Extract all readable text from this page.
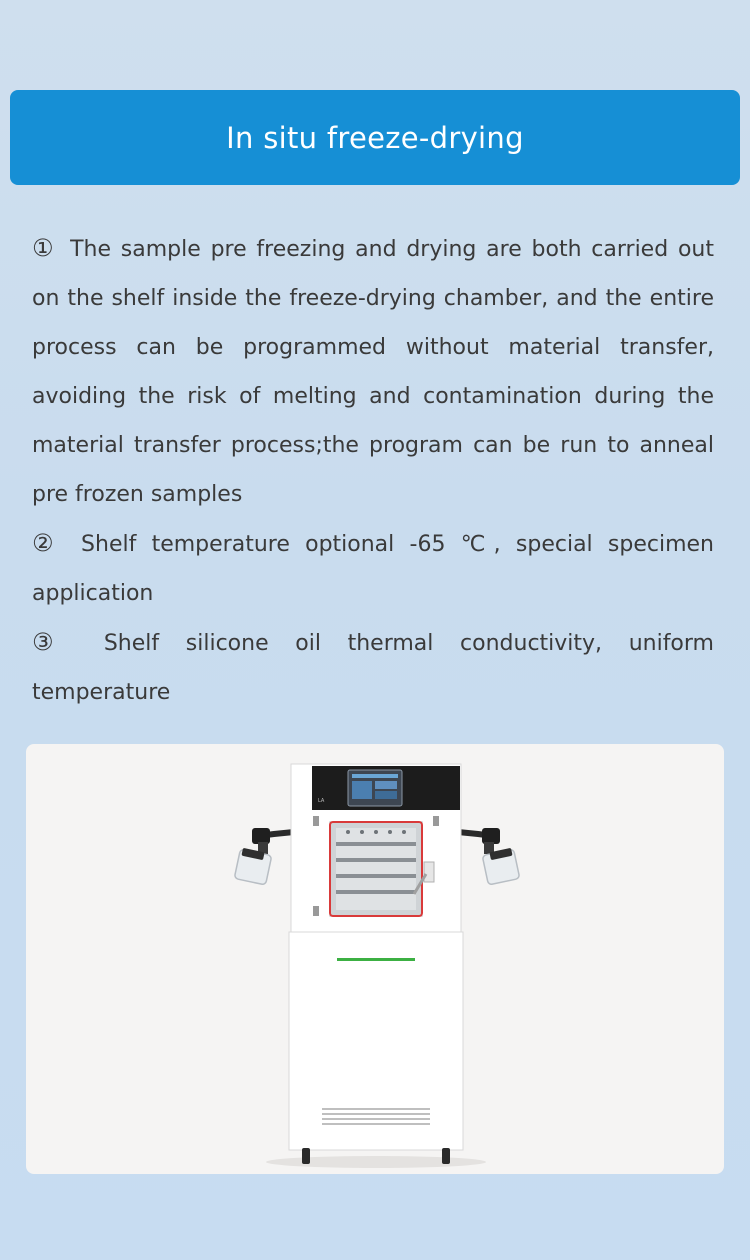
In situ freeze-drying
① The sample pre freezing and drying are both carried out on the shelf inside the freeze-drying chamber, and the entire process can be programmed without material transfer, avoiding the risk of melting and contamination during the material transfer process;the program can be run to anneal pre frozen samples
② Shelf temperature optional -65 ℃, special specimen application
③ Shelf silicone oil thermal conductivity, uniform temperature
LA
